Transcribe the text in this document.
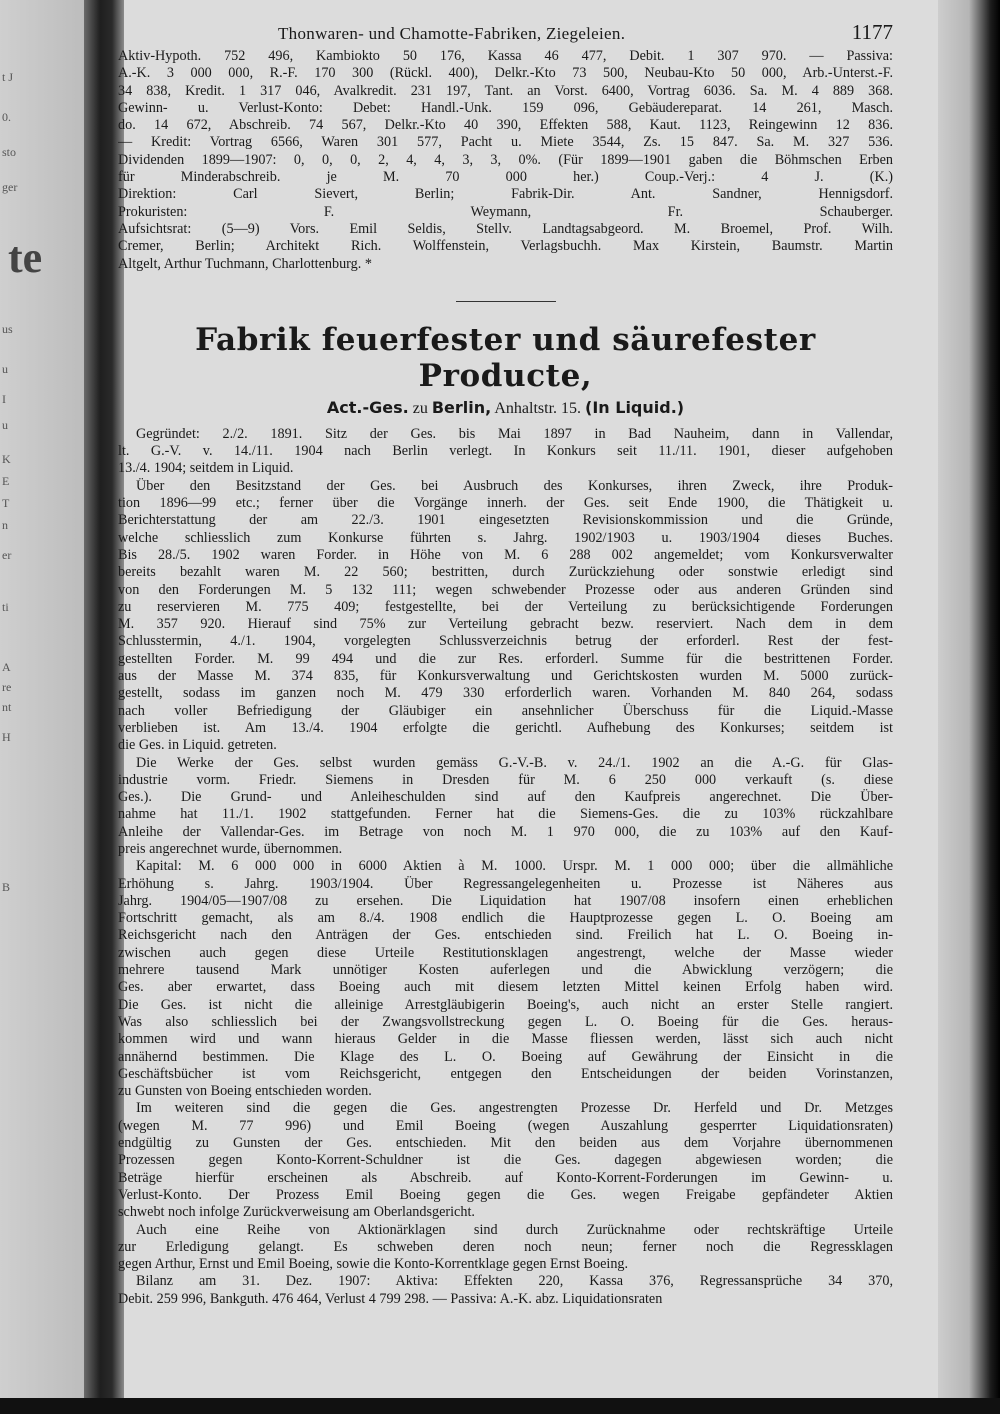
t J
0.
sto
ger
te
us
u
I
u
K
E
T
n
er
ti
A
re
nt
H
B
Thonwaren- und Chamotte-Fabriken, Ziegeleien.	1177
Aktiv-Hypoth. 752 496, Kambiokto 50 176, Kassa 46 477, Debit. 1 307 970. — Passiva:
A.-K. 3 000 000, R.-F. 170 300 (Rückl. 400), Delkr.-Kto 73 500, Neubau-Kto 50 000, Arb.-Unterst.-F.
34 838, Kredit. 1 317 046, Avalkredit. 231 197, Tant. an Vorst. 6400, Vortrag 6036. Sa. M. 4 889 368.
Gewinn- u. Verlust-Konto: Debet: Handl.-Unk. 159 096, Gebäudereparat. 14 261, Masch.
do. 14 672, Abschreib. 74 567, Delkr.-Kto 40 390, Effekten 588, Kaut. 1123, Reingewinn 12 836.
— Kredit: Vortrag 6566, Waren 301 577, Pacht u. Miete 3544, Zs. 15 847. Sa. M. 327 536.
Dividenden 1899—1907: 0, 0, 0, 2, 4, 4, 3, 3, 0%. (Für 1899—1901 gaben die Böhmschen Erben
für Minderabschreib. je M. 70 000 her.) Coup.-Verj.: 4 J. (K.)
Direktion: Carl Sievert, Berlin; Fabrik-Dir. Ant. Sandner, Hennigsdorf.
Prokuristen: F. Weymann, Fr. Schauberger.
Aufsichtsrat: (5—9) Vors. Emil Seldis, Stellv. Landtagsabgeord. M. Broemel, Prof. Wilh.
Cremer, Berlin; Architekt Rich. Wolffenstein, Verlagsbuchh. Max Kirstein, Baumstr. Martin
Altgelt, Arthur Tuchmann, Charlottenburg. *
Fabrik feuerfester und säurefester Producte,
Act.-Ges. zu Berlin, Anhaltstr. 15. (In Liquid.)
Gegründet: 2./2. 1891. Sitz der Ges. bis Mai 1897 in Bad Nauheim, dann in Vallendar,
lt. G.-V. v. 14./11. 1904 nach Berlin verlegt. In Konkurs seit 11./11. 1901, dieser aufgehoben
13./4. 1904; seitdem in Liquid.
Über den Besitzstand der Ges. bei Ausbruch des Konkurses, ihren Zweck, ihre Produk-
tion 1896—99 etc.; ferner über die Vorgänge innerh. der Ges. seit Ende 1900, die Thätigkeit u.
Berichterstattung der am 22./3. 1901 eingesetzten Revisionskommission und die Gründe,
welche schliesslich zum Konkurse führten s. Jahrg. 1902/1903 u. 1903/1904 dieses Buches.
Bis 28./5. 1902 waren Forder. in Höhe von M. 6 288 002 angemeldet; vom Konkursverwalter
bereits bezahlt waren M. 22 560; bestritten, durch Zurückziehung oder sonstwie erledigt sind
von den Forderungen M. 5 132 111; wegen schwebender Prozesse oder aus anderen Gründen sind
zu reservieren M. 775 409; festgestellte, bei der Verteilung zu berücksichtigende Forderungen
M. 357 920. Hierauf sind 75% zur Verteilung gebracht bezw. reserviert. Nach dem in dem
Schlusstermin, 4./1. 1904, vorgelegten Schlussverzeichnis betrug der erforderl. Rest der fest-
gestellten Forder. M. 99 494 und die zur Res. erforderl. Summe für die bestrittenen Forder.
aus der Masse M. 374 835, für Konkursverwaltung und Gerichtskosten wurden M. 5000 zurück-
gestellt, sodass im ganzen noch M. 479 330 erforderlich waren. Vorhanden M. 840 264, sodass
nach voller Befriedigung der Gläubiger ein ansehnlicher Überschuss für die Liquid.-Masse
verblieben ist. Am 13./4. 1904 erfolgte die gerichtl. Aufhebung des Konkurses; seitdem ist
die Ges. in Liquid. getreten.
Die Werke der Ges. selbst wurden gemäss G.-V.-B. v. 24./1. 1902 an die A.-G. für Glas-
industrie vorm. Friedr. Siemens in Dresden für M. 6 250 000 verkauft (s. diese
Ges.). Die Grund- und Anleiheschulden sind auf den Kaufpreis angerechnet. Die Über-
nahme hat 11./1. 1902 stattgefunden. Ferner hat die Siemens-Ges. die zu 103% rückzahlbare
Anleihe der Vallendar-Ges. im Betrage von noch M. 1 970 000, die zu 103% auf den Kauf-
preis angerechnet wurde, übernommen.
Kapital: M. 6 000 000 in 6000 Aktien à M. 1000. Urspr. M. 1 000 000; über die allmähliche
Erhöhung s. Jahrg. 1903/1904. Über Regressangelegenheiten u. Prozesse ist Näheres aus
Jahrg. 1904/05—1907/08 zu ersehen. Die Liquidation hat 1907/08 insofern einen erheblichen
Fortschritt gemacht, als am 8./4. 1908 endlich die Hauptprozesse gegen L. O. Boeing am
Reichsgericht nach den Anträgen der Ges. entschieden sind. Freilich hat L. O. Boeing in-
zwischen auch gegen diese Urteile Restitutionsklagen angestrengt, welche der Masse wieder
mehrere tausend Mark unnötiger Kosten auferlegen und die Abwicklung verzögern; die
Ges. aber erwartet, dass Boeing auch mit diesem letzten Mittel keinen Erfolg haben wird.
Die Ges. ist nicht die alleinige Arrestgläubigerin Boeing's, auch nicht an erster Stelle rangiert.
Was also schliesslich bei der Zwangsvollstreckung gegen L. O. Boeing für die Ges. heraus-
kommen wird und wann hieraus Gelder in die Masse fliessen werden, lässt sich auch nicht
annähernd bestimmen. Die Klage des L. O. Boeing auf Gewährung der Einsicht in die
Geschäftsbücher ist vom Reichsgericht, entgegen den Entscheidungen der beiden Vorinstanzen,
zu Gunsten von Boeing entschieden worden.
Im weiteren sind die gegen die Ges. angestrengten Prozesse Dr. Herfeld und Dr. Metzges
(wegen M. 77 996) und Emil Boeing (wegen Auszahlung gesperrter Liquidationsraten)
endgültig zu Gunsten der Ges. entschieden. Mit den beiden aus dem Vorjahre übernommenen
Prozessen gegen Konto-Korrent-Schuldner ist die Ges. dagegen abgewiesen worden; die
Beträge hierfür erscheinen als Abschreib. auf Konto-Korrent-Forderungen im Gewinn- u.
Verlust-Konto. Der Prozess Emil Boeing gegen die Ges. wegen Freigabe gepfändeter Aktien
schwebt noch infolge Zurückverweisung am Oberlandsgericht.
Auch eine Reihe von Aktionärklagen sind durch Zurücknahme oder rechtskräftige Urteile
zur Erledigung gelangt. Es schweben deren noch neun; ferner noch die Regressklagen
gegen Arthur, Ernst und Emil Boeing, sowie die Konto-Korrentklage gegen Ernst Boeing.
Bilanz am 31. Dez. 1907: Aktiva: Effekten 220, Kassa 376, Regressansprüche 34 370,
Debit. 259 996, Bankguth. 476 464, Verlust 4 799 298. — Passiva: A.-K. abz. Liquidationsraten
